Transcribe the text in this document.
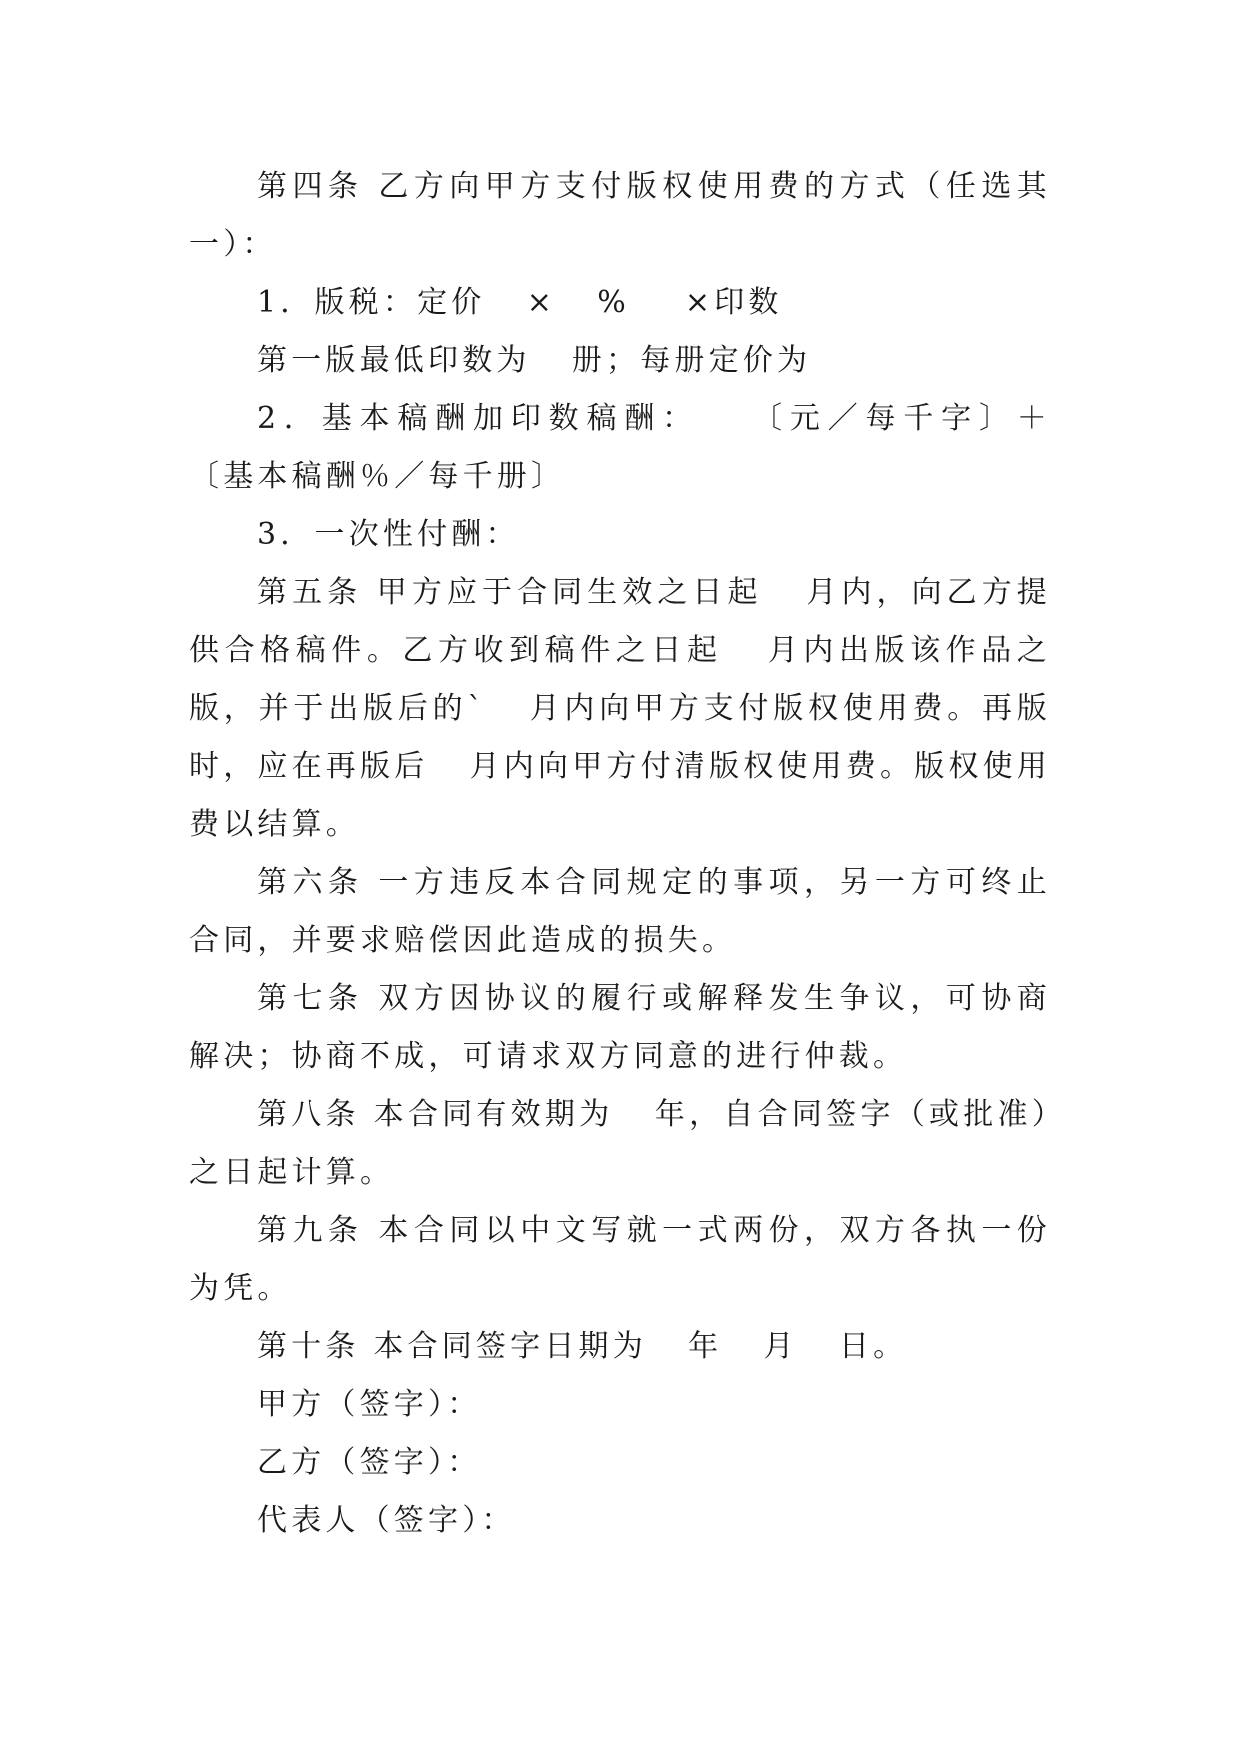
第四条 乙方向甲方支付版权使用费的方式（任选其一）：

1．版税：定价   ×   %    ×印数

第一版最低印数为   册；每册定价为

2．基本稿酬加印数稿酬：   〔元／每千字〕＋   〔基本稿酬％／每千册〕

3．一次性付酬：

第五条 甲方应于合同生效之日起   月内，向乙方提供合格稿件。乙方收到稿件之日起   月内出版该作品之版，并于出版后的`   月内向甲方支付版权使用费。再版时，应在再版后   月内向甲方付清版权使用费。版权使用费以结算。

第六条 一方违反本合同规定的事项，另一方可终止合同，并要求赔偿因此造成的损失。

第七条 双方因协议的履行或解释发生争议，可协商解决；协商不成，可请求双方同意的进行仲裁。

第八条 本合同有效期为   年，自合同签字（或批准）之日起计算。

第九条 本合同以中文写就一式两份，双方各执一份为凭。

第十条 本合同签字日期为   年   月   日。

甲方（签字）：

乙方（签字）：

代表人（签字）：
